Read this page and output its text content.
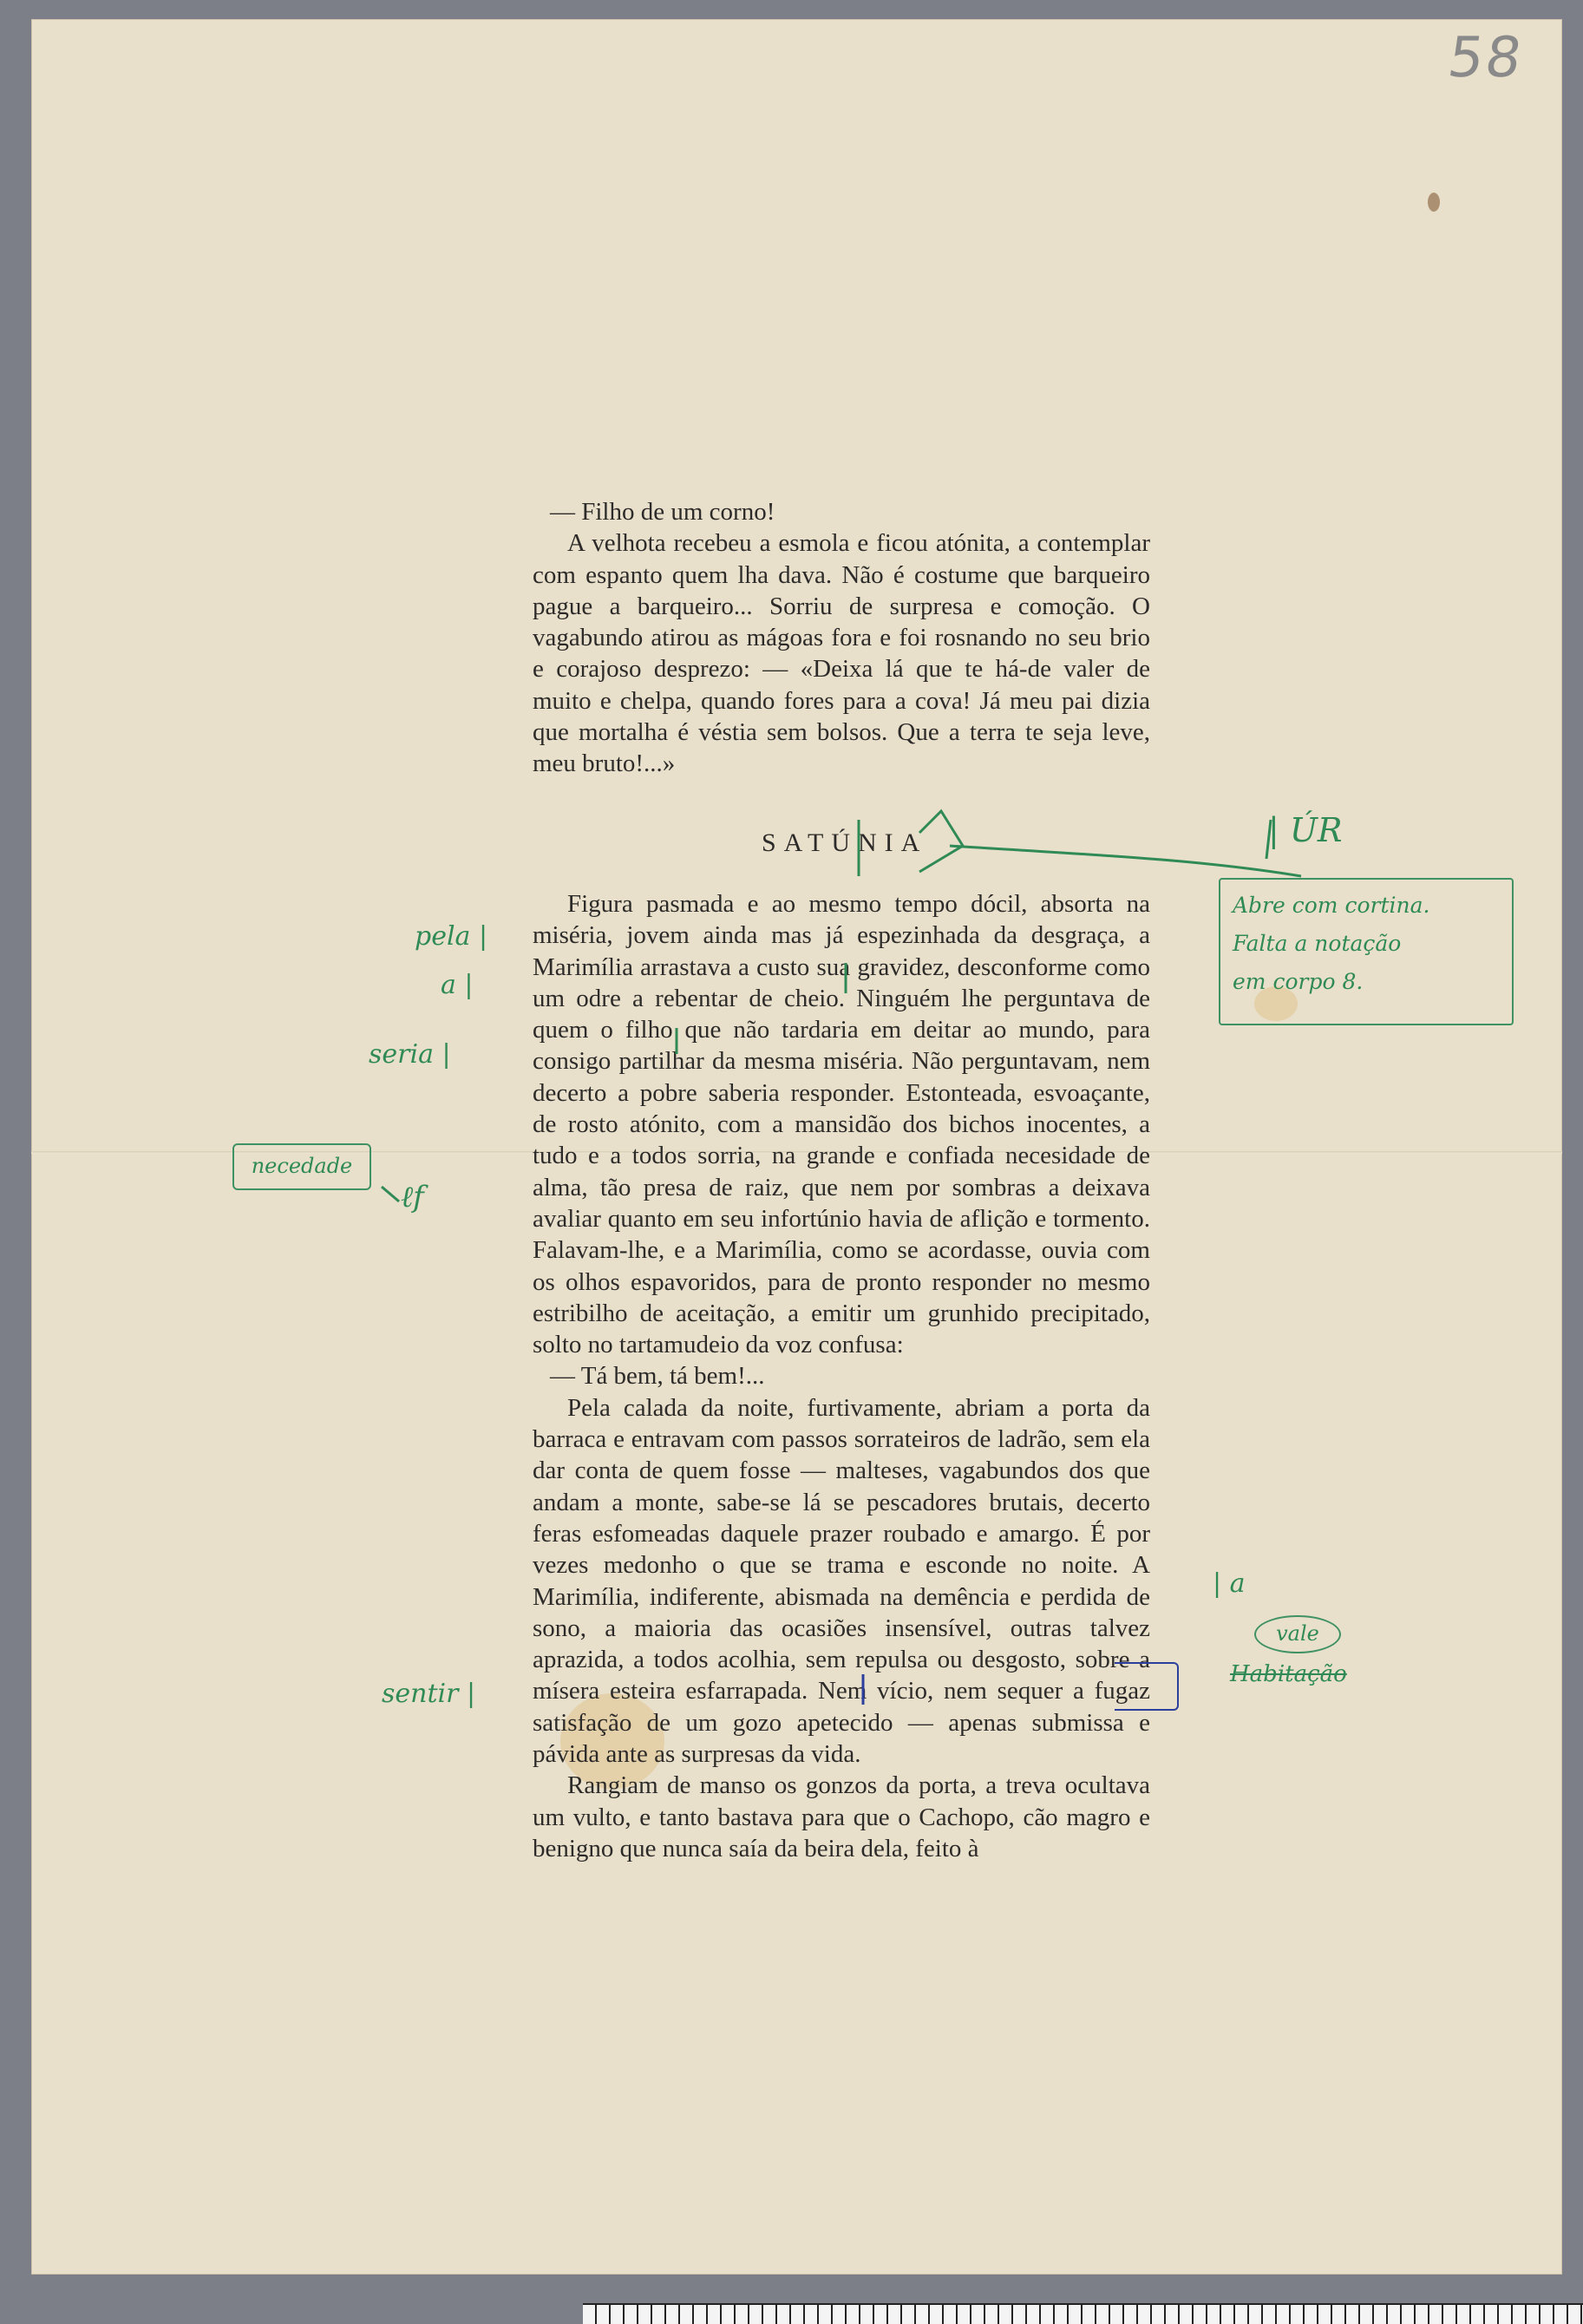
58

— Filho de um corno!

A velhota recebeu a esmola e ficou atónita, a contemplar com espanto quem lha dava. Não é costume que barqueiro pague a barqueiro... Sorriu de surpresa e comoção. O vagabundo atirou as mágoas fora e foi rosnando no seu brio e corajoso desprezo: — «Deixa lá que te há-de valer de muito e chelpa, quando fores para a cova! Já meu pai dizia que mortalha é véstia sem bolsos. Que a terra te seja leve, meu bruto!...»

SATÚNIA

Figura pasmada e ao mesmo tempo dócil, absorta na miséria, jovem ainda mas já espezinhada da desgraça, a Marimília arrastava a custo sua gravidez, desconforme como um odre a rebentar de cheio. Ninguém lhe perguntava de quem o filho que não tardaria em deitar ao mundo, para consigo partilhar da mesma miséria. Não perguntavam, nem decerto a pobre saberia responder. Estonteada, esvoaçante, de rosto atónito, com a mansidão dos bichos inocentes, a tudo e a todos sorria, na grande e confiada necesidade de alma, tão presa de raiz, que nem por sombras a deixava avaliar quanto em seu infortúnio havia de aflição e tormento. Falavam-lhe, e a Marimília, como se acordasse, ouvia com os olhos espavoridos, para de pronto responder no mesmo estribilho de aceitação, a emitir um grunhido precipitado, solto no tartamudeio da voz confusa:

— Tá bem, tá bem!...

Pela calada da noite, furtivamente, abriam a porta da barraca e entravam com passos sorrateiros de ladrão, sem ela dar conta de quem fosse — malteses, vagabundos dos que andam a monte, sabe-se lá se pescadores brutais, decerto feras esfomeadas daquele prazer roubado e amargo. É por vezes medonho o que se trama e esconde no noite. A Marimília, indiferente, abismada na demência e perdida de sono, a maioria das ocasiões insensível, outras talvez aprazida, a todos acolhia, sem repulsa ou desgosto, sobre a mísera esteira esfarrapada. Nem vício, nem sequer a fugaz satisfação de um gozo apetecido — apenas submissa e pávida ante as surpresas da vida.

Rangiam de manso os gonzos da porta, a treva ocultava um vulto, e tanto bastava para que o Cachopo, cão magro e benigno que nunca saía da beira dela, feito à

| ÚR
Abre com cortina.
Falta a notação
em corpo 8.
pela |
a |
seria |
sentir |
necedade
ℓf
| a
vale
Habitação
